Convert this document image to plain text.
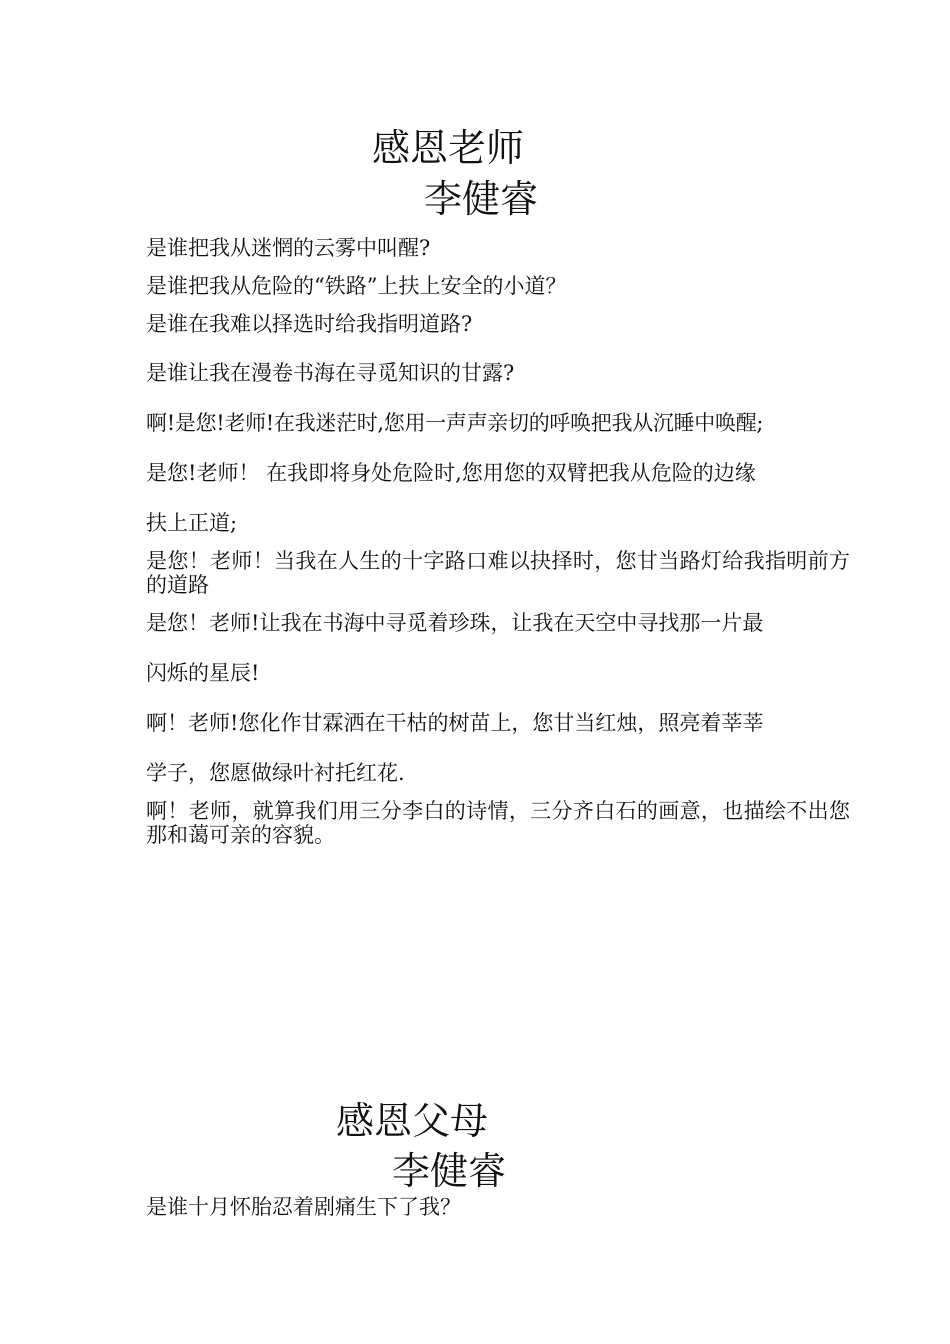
感恩老师
李健睿

是谁把我从迷惘的云雾中叫醒?

是谁把我从危险的“铁路”上扶上安全的小道？

是谁在我难以择选时给我指明道路?

是谁让我在漫卷书海在寻觅知识的甘露?

啊!是您!老师!在我迷茫时,您用一声声亲切的呼唤把我从沉睡中唤醒;

是您!老师！ 在我即将身处危险时,您用您的双臂把我从危险的边缘

扶上正道;

是您！老师！当我在人生的十字路口难以抉择时，您甘当路灯给我指明前方的道路

是您！老师!让我在书海中寻觅着珍珠，让我在天空中寻找那一片最

闪烁的星辰!

啊！老师!您化作甘霖洒在干枯的树苗上，您甘当红烛，照亮着莘莘

学子，您愿做绿叶衬托红花.

啊！老师，就算我们用三分李白的诗情，三分齐白石的画意，也描绘不出您那和蔼可亲的容貌。

感恩父母
李健睿

是谁十月怀胎忍着剧痛生下了我？
